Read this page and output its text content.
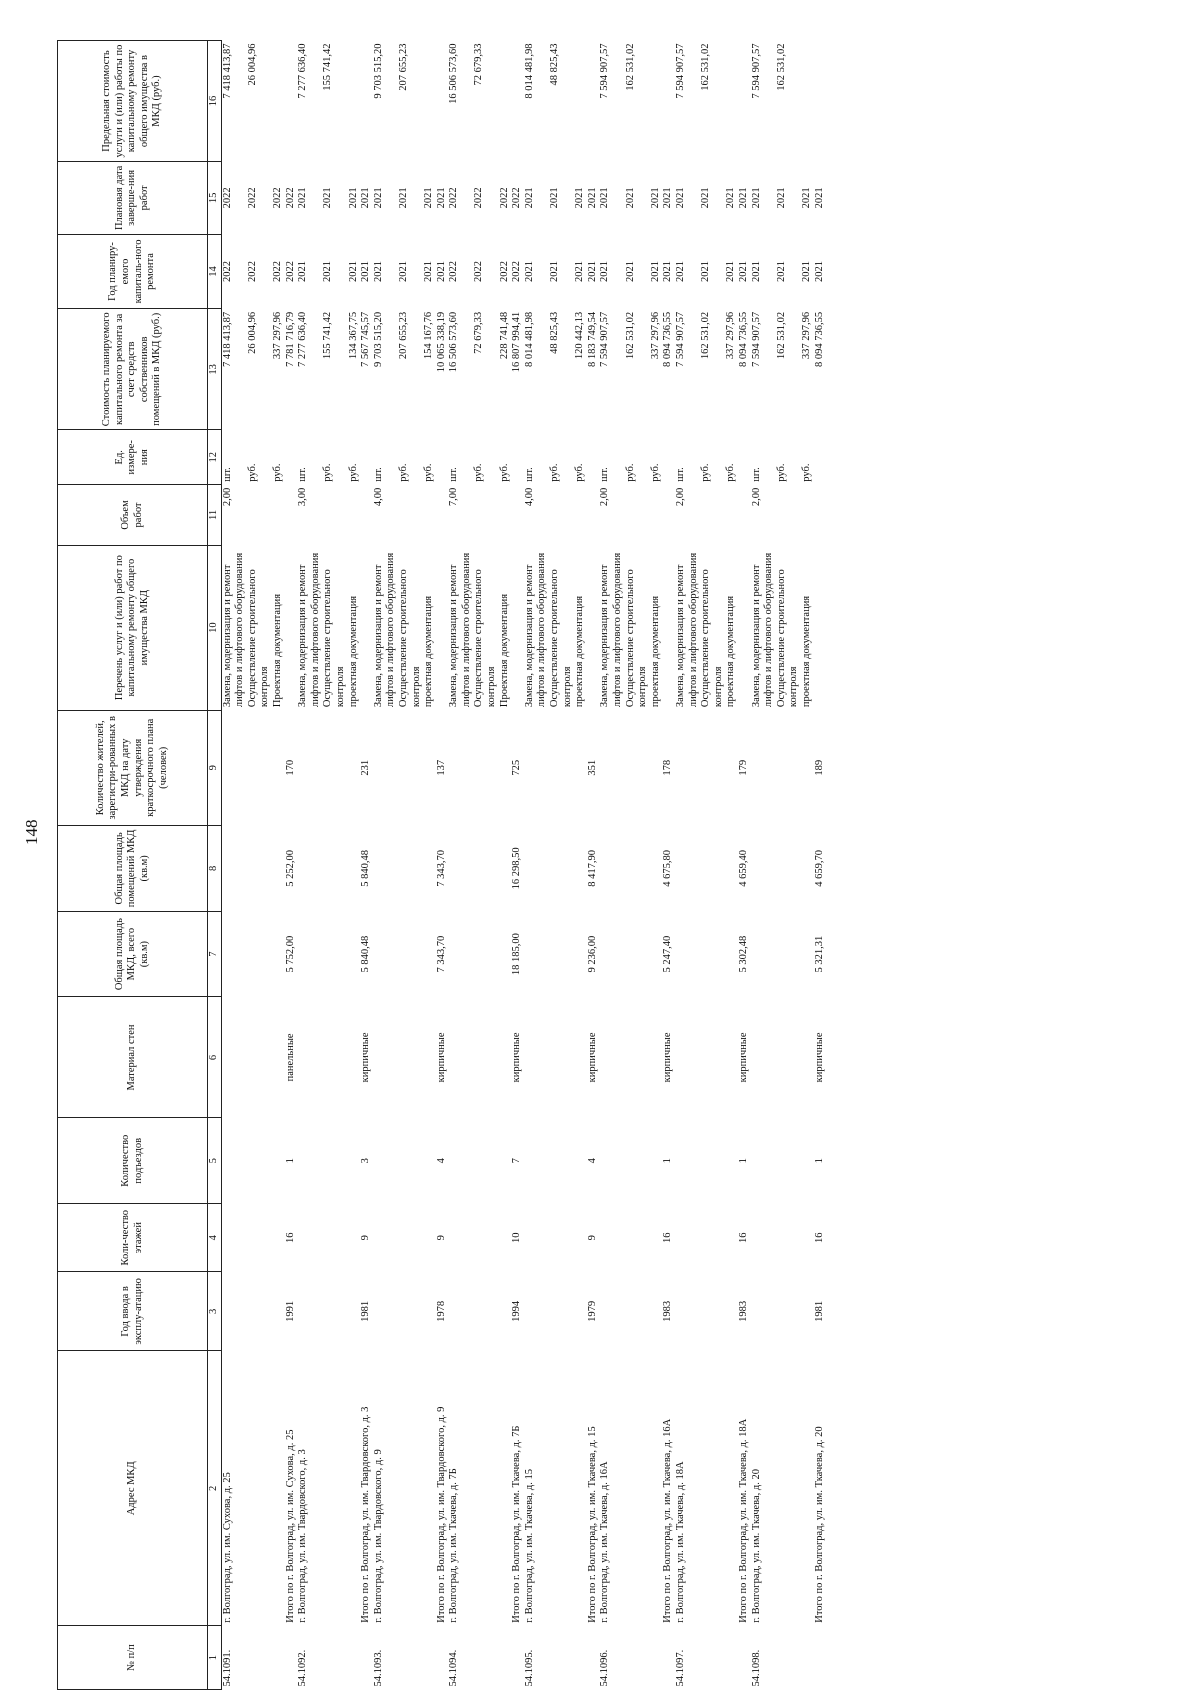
148
№ п/п	Адрес МКД	Год ввода в эксплу-атацию	Коли-чество этажей	Количество подъездов	Материал стен	Общая площадь МКД, всего (кв.м)	Общая площадь помещений МКД (кв.м)	Количество жителей, зарегистри-рованных в МКД на дату утверждения краткосрочного плана (человек)	Перечень услуг и (или) работ по капитальному ремонту общего имущества МКД	Объем работ	Ед. измере-ния	Стоимость планируемого капитального ремонта за счет средств собственников помещений в МКД (руб.)	Год планиру-емого капиталь-ного ремонта	Плановая дата заверше-ния работ	Предельная стоимость услуги и (или) работы по капитальному ремонту общего имущества в МКД (руб.)
1	2	3	4	5	6	7	8	9	10	11	12	13	14	15	16
54.1091.	г. Волгоград, ул. им. Сухова, д. 25								Замена, модернизация и ремонт лифтов и лифтового оборудования	2,00	шт.	7 418 413,87	2022	2022	7 418 413,87
									Осуществление строительного контроля		руб.	26 004,96	2022	2022	26 004,96
									Проектная документация		руб.	337 297,96	2022	2022	
	Итого по г. Волгоград, ул. им. Сухова, д. 25	1991	16	1	панельные	5 752,00	5 252,00	170				7 781 716,79	2022	2022	
54.1092.	г. Волгоград, ул. им. Твардовского, д. 3								Замена, модернизация и ремонт лифтов и лифтового оборудования	3,00	шт.	7 277 636,40	2021	2021	7 277 636,40
									Осуществление строительного контроля		руб.	155 741,42	2021	2021	155 741,42
									проектная документация		руб.	134 367,75	2021	2021	
	Итого по г. Волгоград, ул. им. Твардовского, д. 3	1981	9	3	кирпичные	5 840,48	5 840,48	231				7 567 745,57	2021	2021	
54.1093.	г. Волгоград, ул. им. Твардовского, д. 9								Замена, модернизация и ремонт лифтов и лифтового оборудования	4,00	шт.	9 703 515,20	2021	2021	9 703 515,20
									Осуществление строительного контроля		руб.	207 655,23	2021	2021	207 655,23
									проектная документация		руб.	154 167,76	2021	2021	
	Итого по г. Волгоград, ул. им. Твардовского, д. 9	1978	9	4	кирпичные	7 343,70	7 343,70	137				10 065 338,19	2021	2021	
54.1094.	г. Волгоград, ул. им. Ткачева, д. 7Б								Замена, модернизация и ремонт лифтов и лифтового оборудования	7,00	шт.	16 506 573,60	2022	2022	16 506 573,60
									Осуществление строительного контроля		руб.	72 679,33	2022	2022	72 679,33
									Проектная документация		руб.	228 741,48	2022	2022	
	Итого по г. Волгоград, ул. им. Ткачева, д. 7Б	1994	10	7	кирпичные	18 185,00	16 298,50	725				16 807 994,41	2022	2022	
54.1095.	г. Волгоград, ул. им. Ткачева, д. 15								Замена, модернизация и ремонт лифтов и лифтового оборудования	4,00	шт.	8 014 481,98	2021	2021	8 014 481,98
									Осуществление строительного контроля		руб.	48 825,43	2021	2021	48 825,43
									проектная документация		руб.	120 442,13	2021	2021	
	Итого по г. Волгоград, ул. им. Ткачева, д. 15	1979	9	4	кирпичные	9 236,00	8 417,90	351				8 183 749,54	2021	2021	
54.1096.	г. Волгоград, ул. им. Ткачева, д. 16А								Замена, модернизация и ремонт лифтов и лифтового оборудования	2,00	шт.	7 594 907,57	2021	2021	7 594 907,57
									Осуществление строительного контроля		руб.	162 531,02	2021	2021	162 531,02
									проектная документация		руб.	337 297,96	2021	2021	
	Итого по г. Волгоград, ул. им. Ткачева, д. 16А	1983	16	1	кирпичные	5 247,40	4 675,80	178				8 094 736,55	2021	2021	
54.1097.	г. Волгоград, ул. им. Ткачева, д. 18А								Замена, модернизация и ремонт лифтов и лифтового оборудования	2,00	шт.	7 594 907,57	2021	2021	7 594 907,57
									Осуществление строительного контроля		руб.	162 531,02	2021	2021	162 531,02
									проектная документация		руб.	337 297,96	2021	2021	
	Итого по г. Волгоград, ул. им. Ткачева, д. 18А	1983	16	1	кирпичные	5 302,48	4 659,40	179				8 094 736,55	2021	2021	
54.1098.	г. Волгоград, ул. им. Ткачева, д. 20								Замена, модернизация и ремонт лифтов и лифтового оборудования	2,00	шт.	7 594 907,57	2021	2021	7 594 907,57
									Осуществление строительного контроля		руб.	162 531,02	2021	2021	162 531,02
									проектная документация		руб.	337 297,96	2021	2021	
	Итого по г. Волгоград, ул. им. Ткачева, д. 20	1981	16	1	кирпичные	5 321,31	4 659,70	189				8 094 736,55	2021	2021	
